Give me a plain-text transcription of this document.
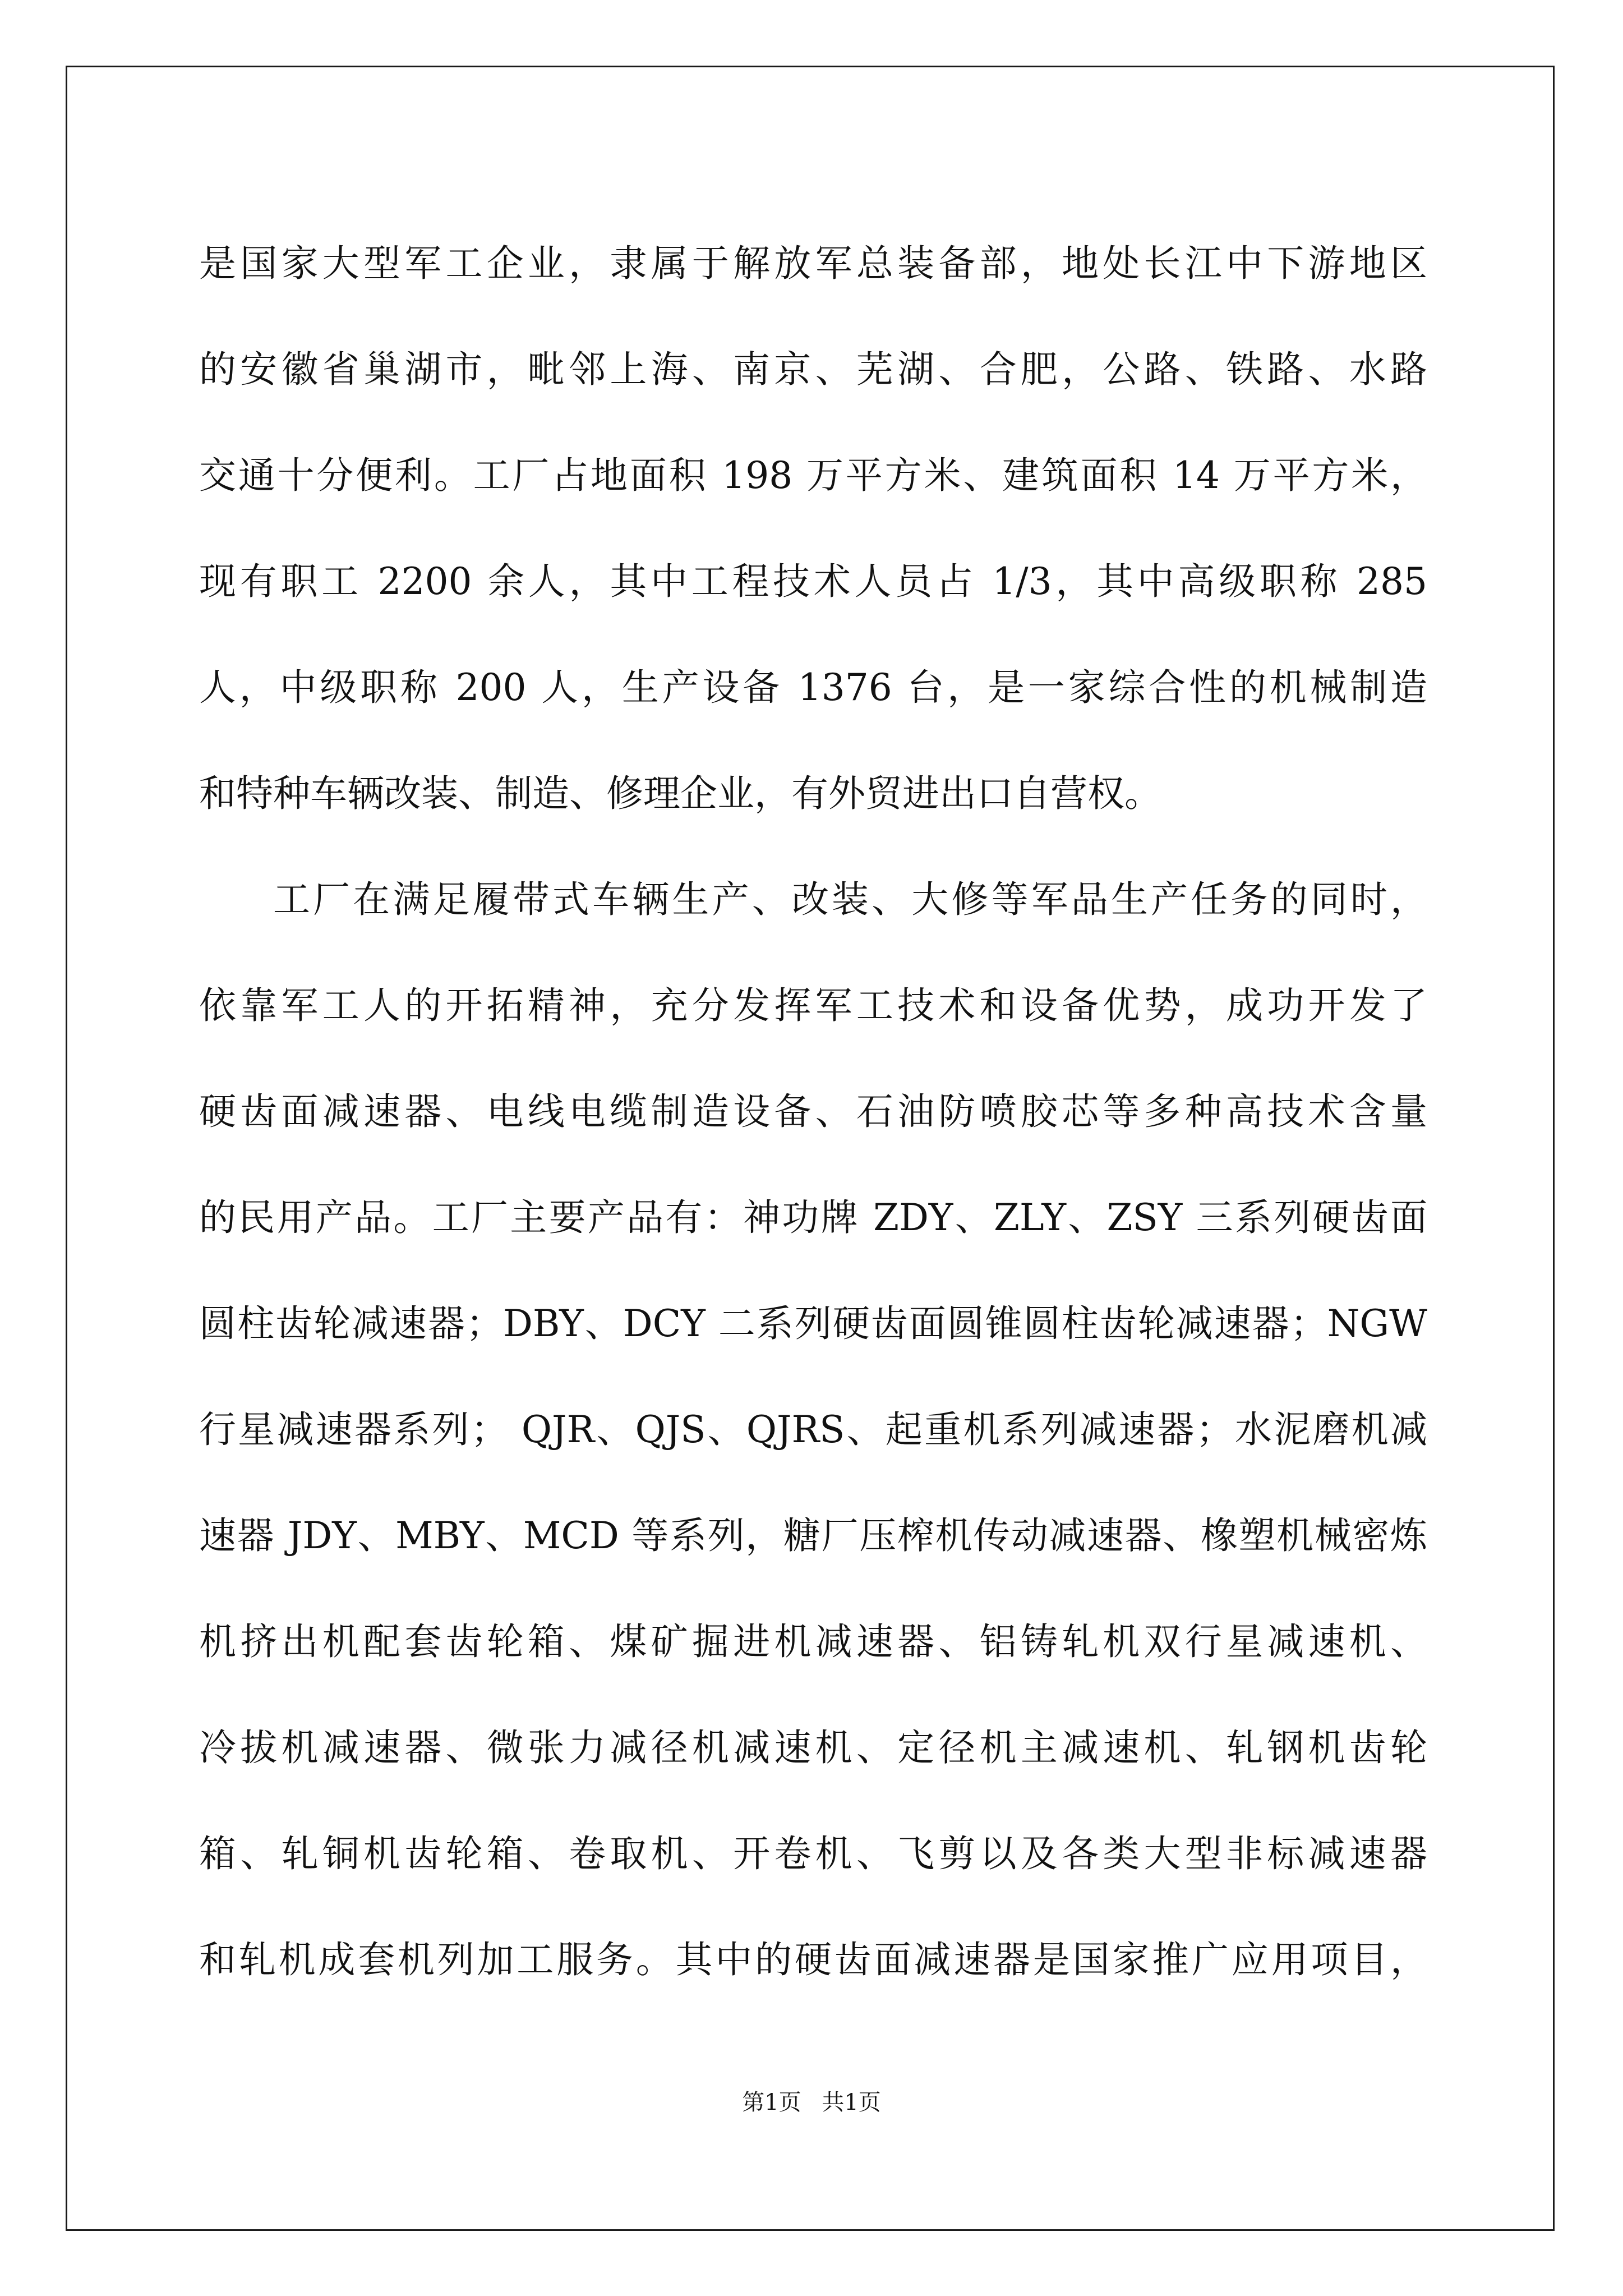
是国家大型军工企业，隶属于解放军总装备部，地处长江中下游地区
的安徽省巢湖市，毗邻上海、南京、芜湖、合肥，公路、铁路、水路
交通十分便利。工厂占地面积 198 万平方米、建筑面积 14 万平方米，
现有职工 2200 余人，其中工程技术人员占 1/3，其中高级职称 285
人，中级职称 200 人，生产设备 1376 台，是一家综合性的机械制造
和特种车辆改装、制造、修理企业，有外贸进出口自营权。
工厂在满足履带式车辆生产、改装、大修等军品生产任务的同时，
依靠军工人的开拓精神，充分发挥军工技术和设备优势，成功开发了
硬齿面减速器、电线电缆制造设备、石油防喷胶芯等多种高技术含量
的民用产品。工厂主要产品有：神功牌 ZDY、ZLY、ZSY 三系列硬齿面
圆柱齿轮减速器；DBY、DCY 二系列硬齿面圆锥圆柱齿轮减速器；NGW
行星减速器系列； QJR、QJS、QJRS、起重机系列减速器；水泥磨机减
速器 JDY、MBY、MCD 等系列，糖厂压榨机传动减速器、橡塑机械密炼
机挤出机配套齿轮箱、煤矿掘进机减速器、铝铸轧机双行星减速机、
冷拔机减速器、微张力减径机减速机、定径机主减速机、轧钢机齿轮
箱、轧铜机齿轮箱、卷取机、开卷机、飞剪以及各类大型非标减速器
和轧机成套机列加工服务。其中的硬齿面减速器是国家推广应用项目，
第1页 共1页
